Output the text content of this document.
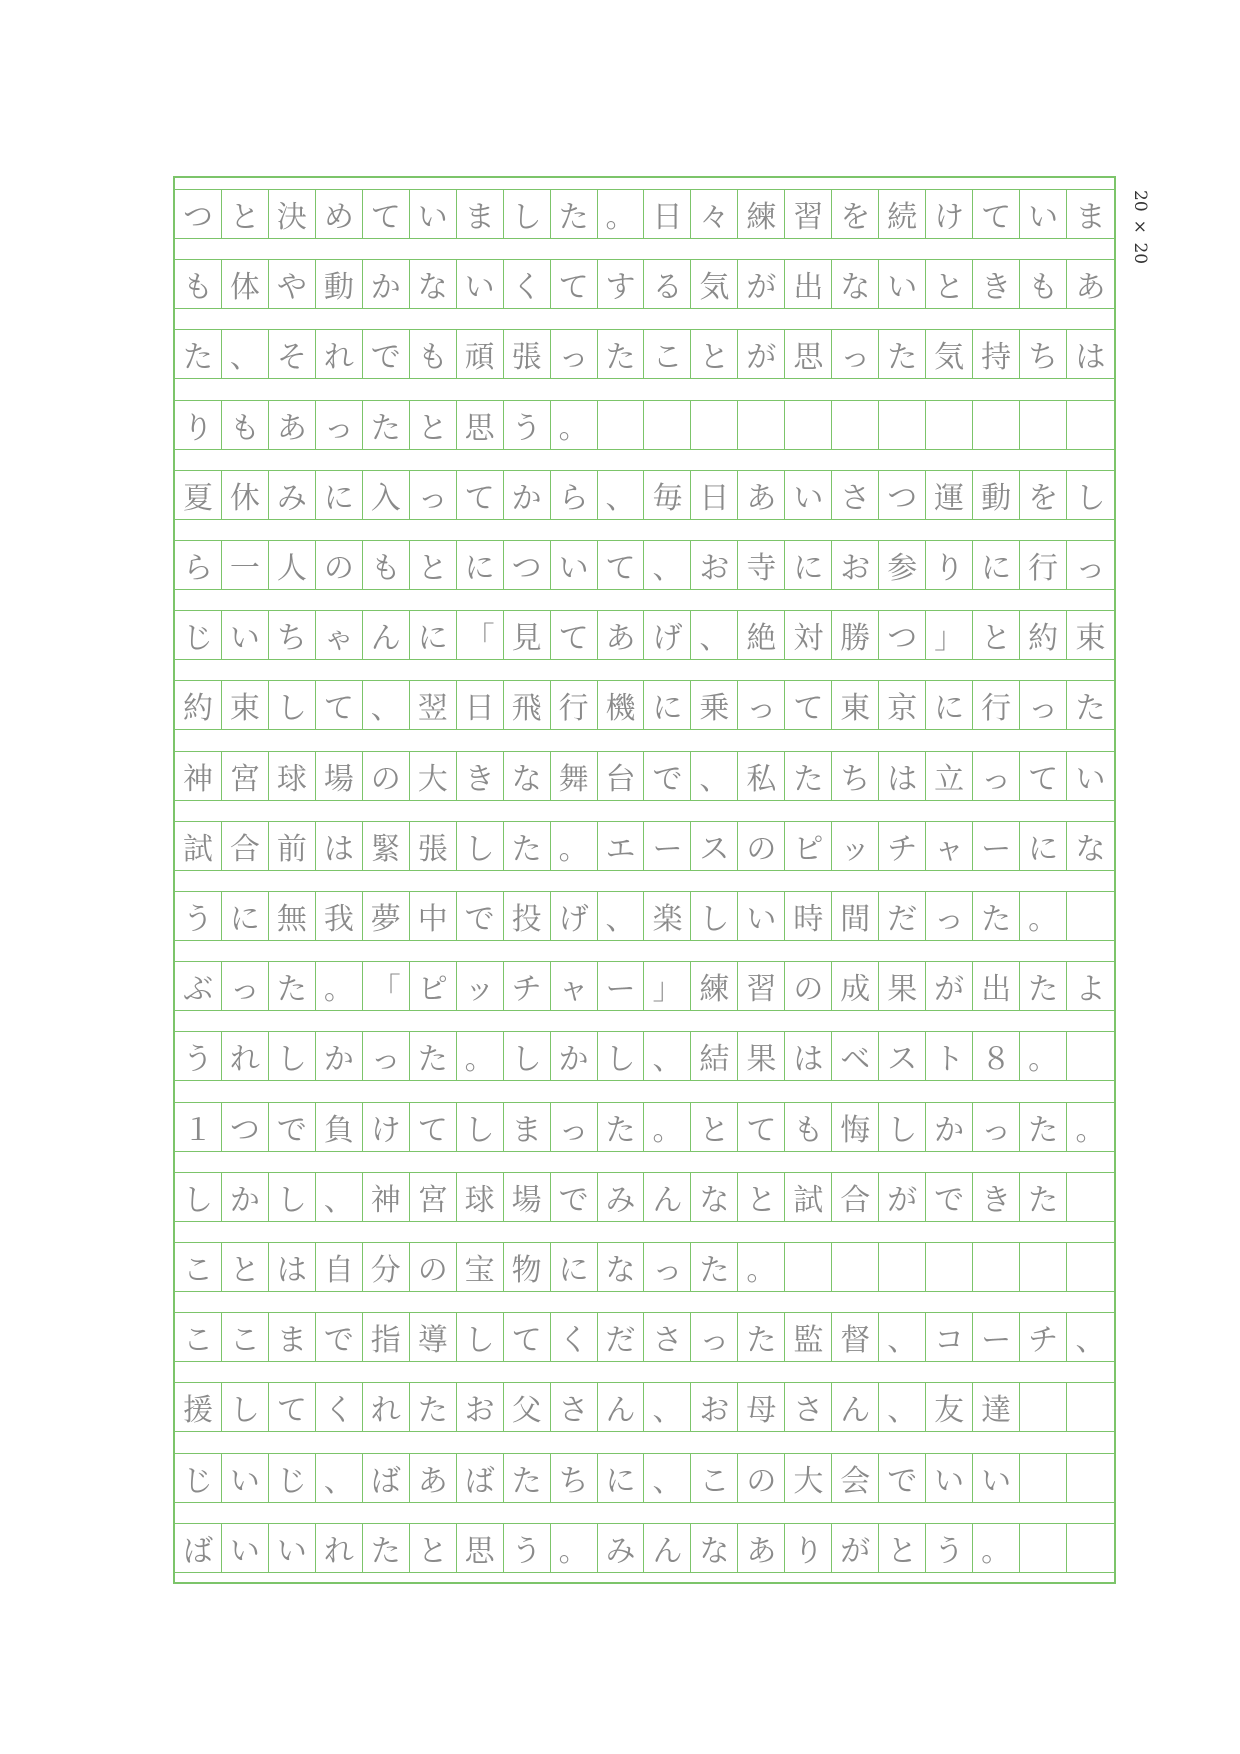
つ と 決 め て い ま し た 。 日 々 練 習 を 続 け て い ま
も 体 や 動 か な い く て す る 気 が 出 な い と き も あ
た 、 そ れ で も 頑 張 っ た こ と が 思 っ た 気 持 ち は
り も あ っ た と 思 う 。
夏 休 み に 入 っ て か ら 、 毎 日 あ い さ つ 運 動 を し
ら 一 人 の も と に つ い て 、 お 寺 に お 参 り に 行 っ
じ い ち ゃ ん に 「 見 て あ げ 、 絶 対 勝 つ 」 と 約 束
約 束 し て 、 翌 日 飛 行 機 に 乗 っ て 東 京 に 行 っ た
神 宮 球 場 の 大 き な 舞 台 で 、 私 た ち は 立 っ て い
試 合 前 は 緊 張 し た 。 エ ー ス の ピ ッ チ ャ ー に な
う に 無 我 夢 中 で 投 げ 、 楽 し い 時 間 だ っ た 。
ぶ っ た 。 「 ピ ッ チ ャ ー 」 練 習 の 成 果 が 出 た よ
う れ し か っ た 。 し か し 、 結 果 は ベ ス ト ８ 。
１ つ で 負 け て し ま っ た 。 と て も 悔 し か っ た 。
し か し 、 神 宮 球 場 で み ん な と 試 合 が で き た
こ と は 自 分 の 宝 物 に な っ た 。
こ こ ま で 指 導 し て く だ さ っ た 監 督 、 コ ー チ 、
援 し て く れ た お 父 さ ん 、 お 母 さ ん 、 友 達
じ い じ 、 ば あ ば た ち に 、 こ の 大 会 で い い
ば い い れ た と 思 う 。 み ん な あ り が と う 。
20 × 20
